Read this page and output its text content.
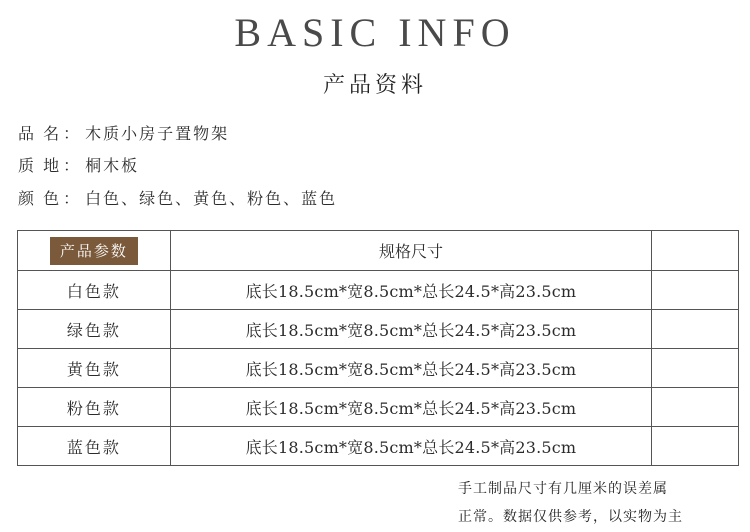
BASIC INFO
产品资料
品 名 ： 木质小房子置物架
质 地 ： 桐木板
颜 色 ： 白色、绿色、黄色、粉色、蓝色
产品参数	规格尺寸	
白色款	底长18.5cm*宽8.5cm*总长24.5*高23.5cm	
绿色款	底长18.5cm*宽8.5cm*总长24.5*高23.5cm	
黄色款	底长18.5cm*宽8.5cm*总长24.5*高23.5cm	
粉色款	底长18.5cm*宽8.5cm*总长24.5*高23.5cm	
蓝色款	底长18.5cm*宽8.5cm*总长24.5*高23.5cm	
手工制品尺寸有几厘米的误差属
正常。数据仅供参考，以实物为主
